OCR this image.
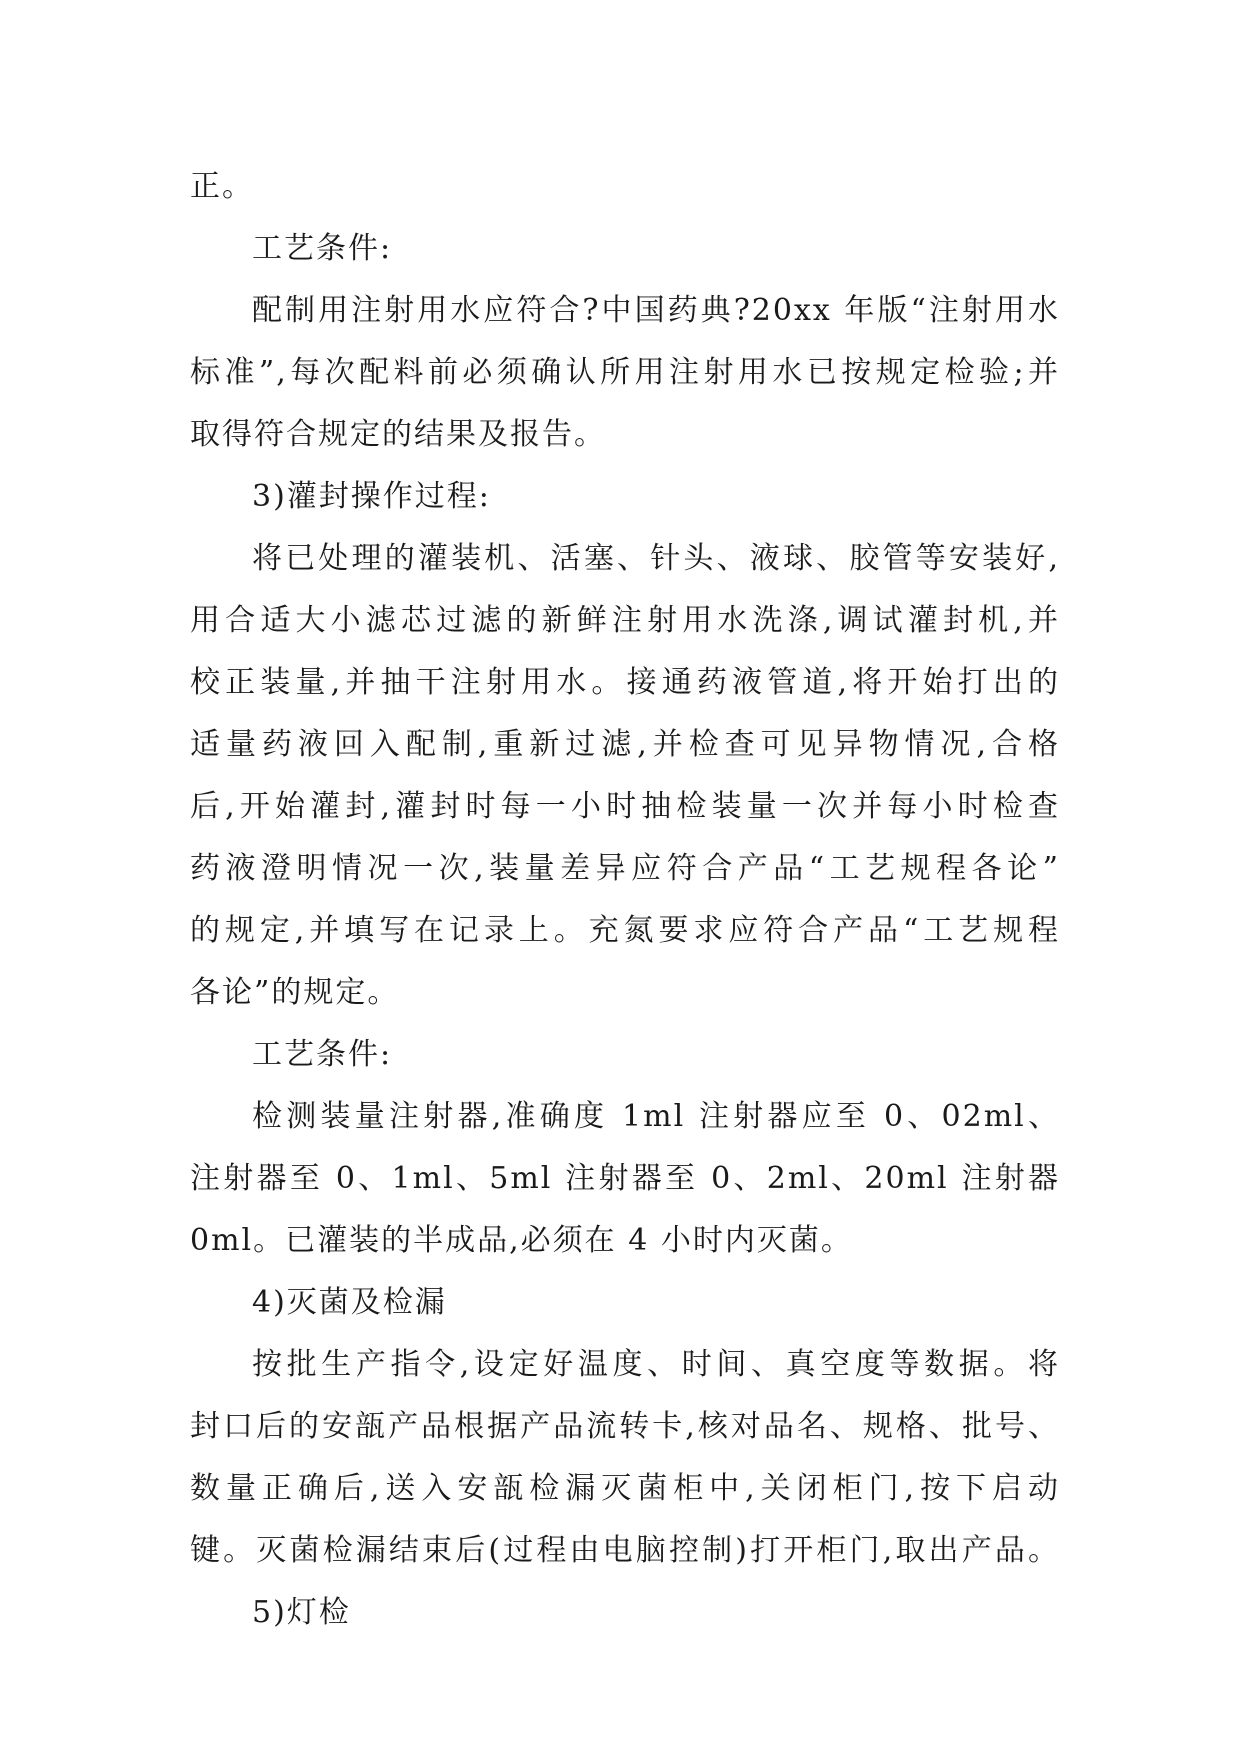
正。
工艺条件:
配制用注射用水应符合?中国药典?20xx 年版“注射用水
标准”,每次配料前必须确认所用注射用水已按规定检验;并
取得符合规定的结果及报告。
3)灌封操作过程:
将已处理的灌装机、活塞、针头、液球、胶管等安装好,
用合适大小滤芯过滤的新鲜注射用水洗涤,调试灌封机,并
校正装量,并抽干注射用水。接通药液管道,将开始打出的
适量药液回入配制,重新过滤,并检查可见异物情况,合格
后,开始灌封,灌封时每一小时抽检装量一次并每小时检查
药液澄明情况一次,装量差异应符合产品“工艺规程各论”
的规定,并填写在记录上。充氮要求应符合产品“工艺规程
各论”的规定。
工艺条件:
检测装量注射器,准确度 1ml 注射器应至 0、02ml、
注射器至 0、1ml、5ml 注射器至 0、2ml、20ml 注射器
0ml。已灌装的半成品,必须在 4 小时内灭菌。
4)灭菌及检漏
按批生产指令,设定好温度、时间、真空度等数据。将
封口后的安瓿产品根据产品流转卡,核对品名、规格、批号、
数量正确后,送入安瓿检漏灭菌柜中,关闭柜门,按下启动
键。灭菌检漏结束后(过程由电脑控制)打开柜门,取出产品。
5)灯检
